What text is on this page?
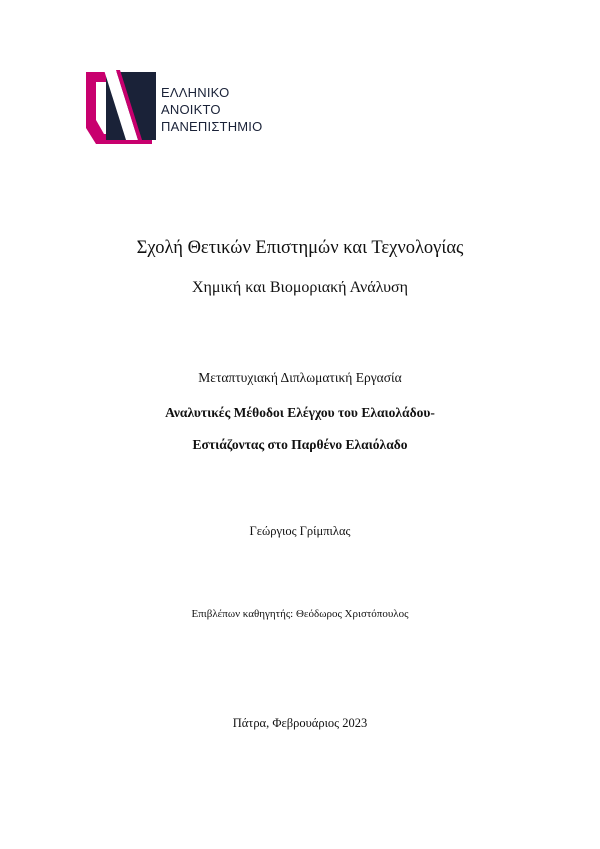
ΕΛΛΗΝΙΚΟ
ΑΝΟΙΚΤΟ
ΠΑΝΕΠΙΣΤΗΜΙΟ
Σχολή Θετικών Επιστημών και Τεχνολογίας
Χημική και Βιομοριακή Ανάλυση
Μεταπτυχιακή Διπλωματική Εργασία
Αναλυτικές Μέθοδοι Ελέγχου του Ελαιολάδου-
Εστιάζοντας στο Παρθένο Ελαιόλαδο
Γεώργιος Γρίμπιλας
Επιβλέπων καθηγητής: Θεόδωρος Χριστόπουλος
Πάτρα, Φεβρουάριος 2023
